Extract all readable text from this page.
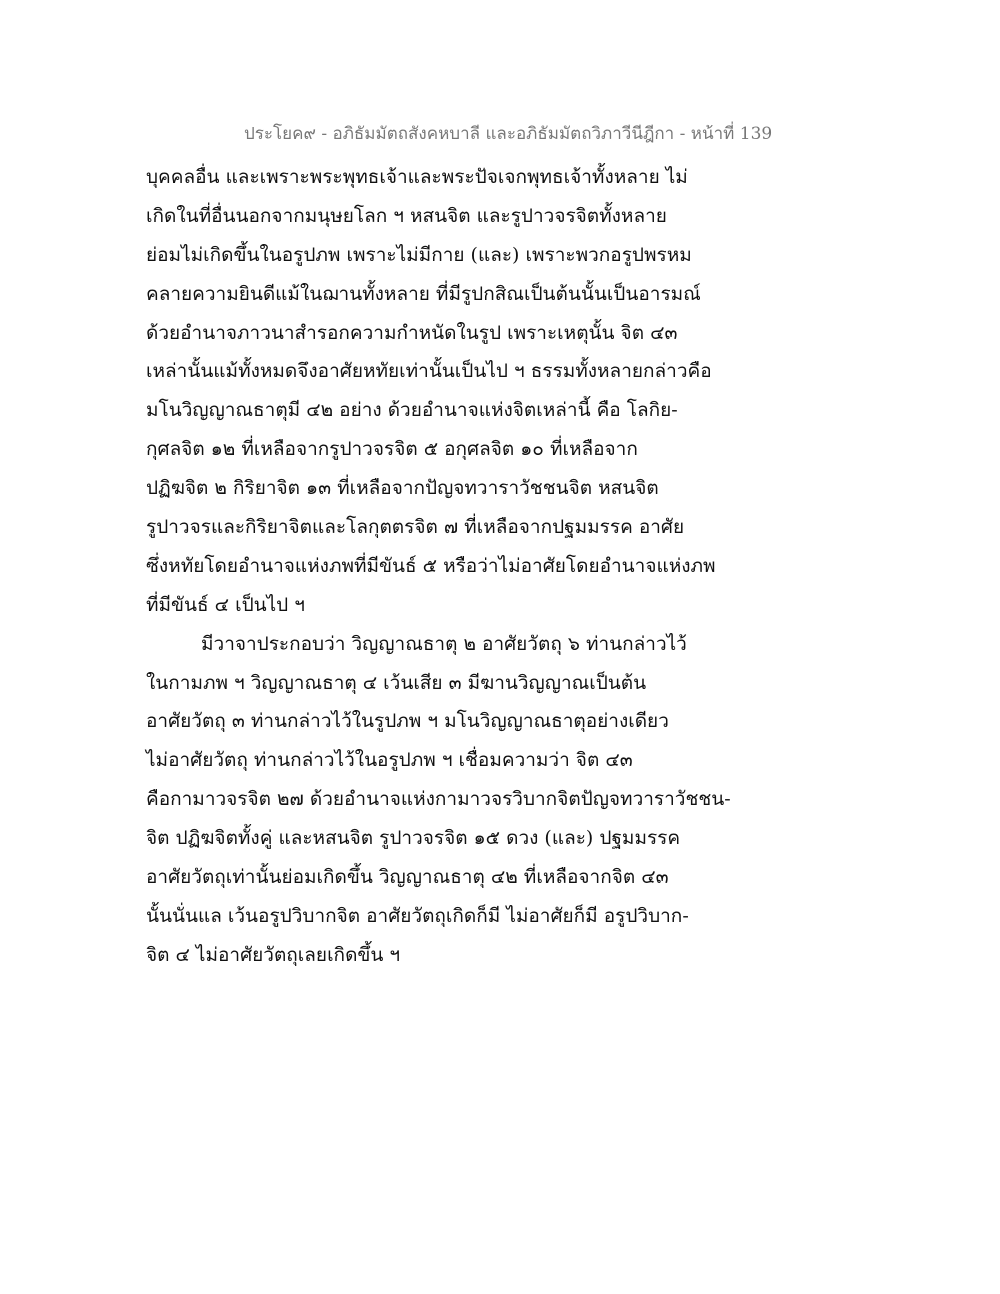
ประโยค๙ - อภิธัมมัตถสังคหบาลี และอภิธัมมัตถวิภาวีนีฎีกา - หน้าที่ 139
บุคคลอื่น และเพราะพระพุทธเจ้าและพระปัจเจกพุทธเจ้าทั้งหลาย ไม่
เกิดในที่อื่นนอกจากมนุษยโลก ฯ หสนจิต และรูปาวจรจิตทั้งหลาย
ย่อมไม่เกิดขึ้นในอรูปภพ เพราะไม่มีกาย (และ) เพราะพวกอรูปพรหม
คลายความยินดีแม้ในฌานทั้งหลาย ที่มีรูปกสิณเป็นต้นนั้นเป็นอารมณ์
ด้วยอำนาจภาวนาสำรอกความกำหนัดในรูป เพราะเหตุนั้น จิต ๔๓
เหล่านั้นแม้ทั้งหมดจึงอาศัยหทัยเท่านั้นเป็นไป ฯ ธรรมทั้งหลายกล่าวคือ
มโนวิญญาณธาตุมี ๔๒ อย่าง ด้วยอำนาจแห่งจิตเหล่านี้ คือ โลกิย-
กุศลจิต ๑๒ ที่เหลือจากรูปาวจรจิต ๕ อกุศลจิต ๑๐ ที่เหลือจาก
ปฏิฆจิต ๒ กิริยาจิต ๑๓ ที่เหลือจากปัญจทวาราวัชชนจิต หสนจิต
รูปาวจรและกิริยาจิตและโลกุตตรจิต ๗ ที่เหลือจากปฐมมรรค อาศัย
ซึ่งหทัยโดยอำนาจแห่งภพที่มีขันธ์ ๕ หรือว่าไม่อาศัยโดยอำนาจแห่งภพ
ที่มีขันธ์ ๔ เป็นไป ฯ
มีวาจาประกอบว่า วิญญาณธาตุ ๒ อาศัยวัตถุ ๖ ท่านกล่าวไว้
ในกามภพ ฯ วิญญาณธาตุ ๔ เว้นเสีย ๓ มีฆานวิญญาณเป็นต้น
อาศัยวัตถุ ๓ ท่านกล่าวไว้ในรูปภพ ฯ มโนวิญญาณธาตุอย่างเดียว
ไม่อาศัยวัตถุ ท่านกล่าวไว้ในอรูปภพ ฯ เชื่อมความว่า จิต ๔๓
คือกามาวจรจิต ๒๗ ด้วยอำนาจแห่งกามาวจรวิบากจิตปัญจทวาราวัชชน-
จิต ปฏิฆจิตทั้งคู่ และหสนจิต รูปาวจรจิต ๑๕ ดวง (และ) ปฐมมรรค
อาศัยวัตถุเท่านั้นย่อมเกิดขึ้น วิญญาณธาตุ ๔๒ ที่เหลือจากจิต ๔๓
นั้นนั่นแล เว้นอรูปวิบากจิต อาศัยวัตถุเกิดก็มี ไม่อาศัยก็มี อรูปวิบาก-
จิต ๔ ไม่อาศัยวัตถุเลยเกิดขึ้น ฯ
